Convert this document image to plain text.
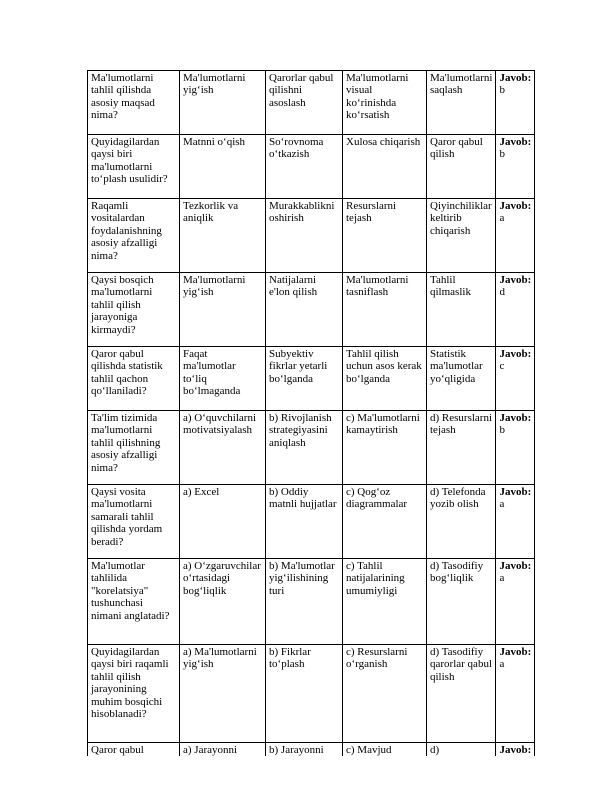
Ma'lumotlarni tahlil qilishda asosiy maqsad nima?	Ma'lumotlarni yig‘ish	Qarorlar qabul qilishni asoslash	Ma'lumotlarni visual ko‘rinishda ko‘rsatish	Ma'lumotlarni saqlash	Javob: b
Quyidagilardan qaysi biri ma'lumotlarni to‘plash usulidir?	Matnni o‘qish	So‘rovnoma o‘tkazish	Xulosa chiqarish	Qaror qabul qilish	Javob: b
Raqamli vositalardan foydalanishning asosiy afzalligi nima?	Tezkorlik va aniqlik	Murakkablikni oshirish	Resurslarni tejash	Qiyinchiliklar keltirib chiqarish	Javob: a
Qaysi bosqich ma'lumotlarni tahlil qilish jarayoniga kirmaydi?	Ma'lumotlarni yig‘ish	Natijalarni e'lon qilish	Ma'lumotlarni tasniflash	Tahlil qilmaslik	Javob: d
Qaror qabul qilishda statistik tahlil qachon qo‘llaniladi?	Faqat ma'lumotlar to‘liq bo‘lmaganda	Subyektiv fikrlar yetarli bo‘lganda	Tahlil qilish uchun asos kerak bo‘lganda	Statistik ma'lumotlar yo‘qligida	Javob: c
Ta'lim tizimida ma'lumotlarni tahlil qilishning asosiy afzalligi nima?	a) O‘quvchilarni motivatsiyalash	b) Rivojlanish strategiyasini aniqlash	c) Ma'lumotlarni kamaytirish	d) Resurslarni tejash	Javob: b
Qaysi vosita ma'lumotlarni samarali tahlil qilishda yordam beradi?	a) Excel	b) Oddiy matnli hujjatlar	c) Qog‘oz diagrammalar	d) Telefonda yozib olish	Javob: a
Ma'lumotlar tahlilida "korelatsiya" tushunchasi nimani anglatadi?	a) O‘zgaruvchilar o‘rtasidagi bog‘liqlik	b) Ma'lumotlar yig‘ilishining turi	c) Tahlil natijalarining umumiyligi	d) Tasodifiy bog‘liqlik	Javob: a
Quyidagilardan qaysi biri raqamli tahlil qilish jarayonining muhim bosqichi hisoblanadi?	a) Ma'lumotlarni yig‘ish	b) Fikrlar to‘plash	c) Resurslarni o‘rganish	d) Tasodifiy qarorlar qabul qilish	Javob: a
Qaror qabul	a) Jarayonni	b) Jarayonni	c) Mavjud	d)	Javob:
